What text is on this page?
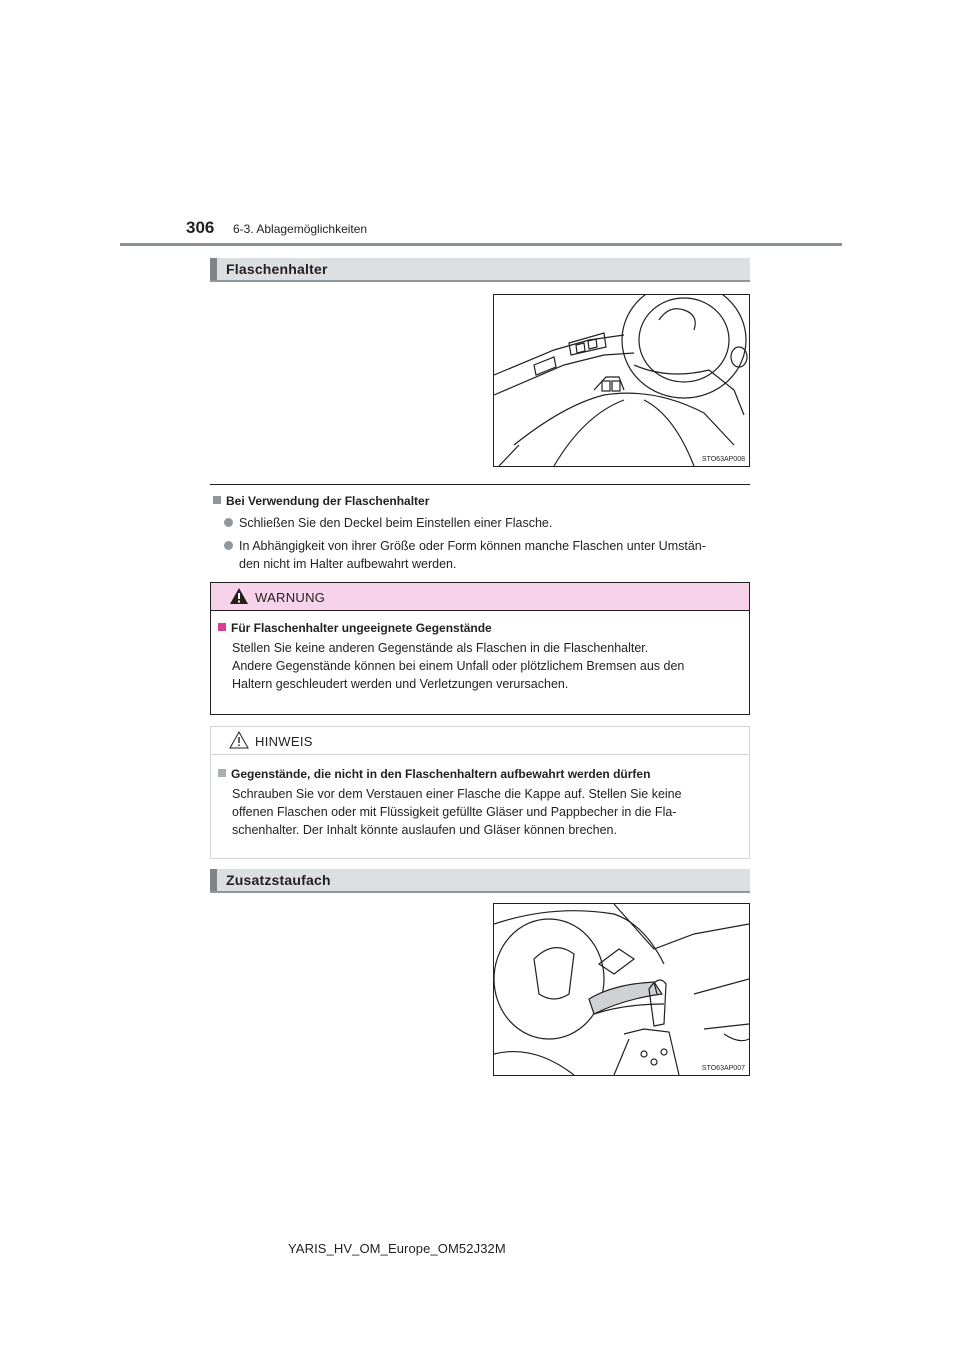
306 6-3. Ablagemöglichkeiten
Flaschenhalter
STO63AP008
Bei Verwendung der Flaschenhalter
Schließen Sie den Deckel beim Einstellen einer Flasche.
In Abhängigkeit von ihrer Größe oder Form können manche Flaschen unter Umstän-
den nicht im Halter aufbewahrt werden.
WARNUNG
Für Flaschenhalter ungeeignete Gegenstände
Stellen Sie keine anderen Gegenstände als Flaschen in die Flaschenhalter.
Andere Gegenstände können bei einem Unfall oder plötzlichem Bremsen aus den
Haltern geschleudert werden und Verletzungen verursachen.
HINWEIS
Gegenstände, die nicht in den Flaschenhaltern aufbewahrt werden dürfen
Schrauben Sie vor dem Verstauen einer Flasche die Kappe auf. Stellen Sie keine
offenen Flaschen oder mit Flüssigkeit gefüllte Gläser und Pappbecher in die Fla-
schenhalter. Der Inhalt könnte auslaufen und Gläser können brechen.
Zusatzstaufach
STO63AP007
YARIS_HV_OM_Europe_OM52J32M
